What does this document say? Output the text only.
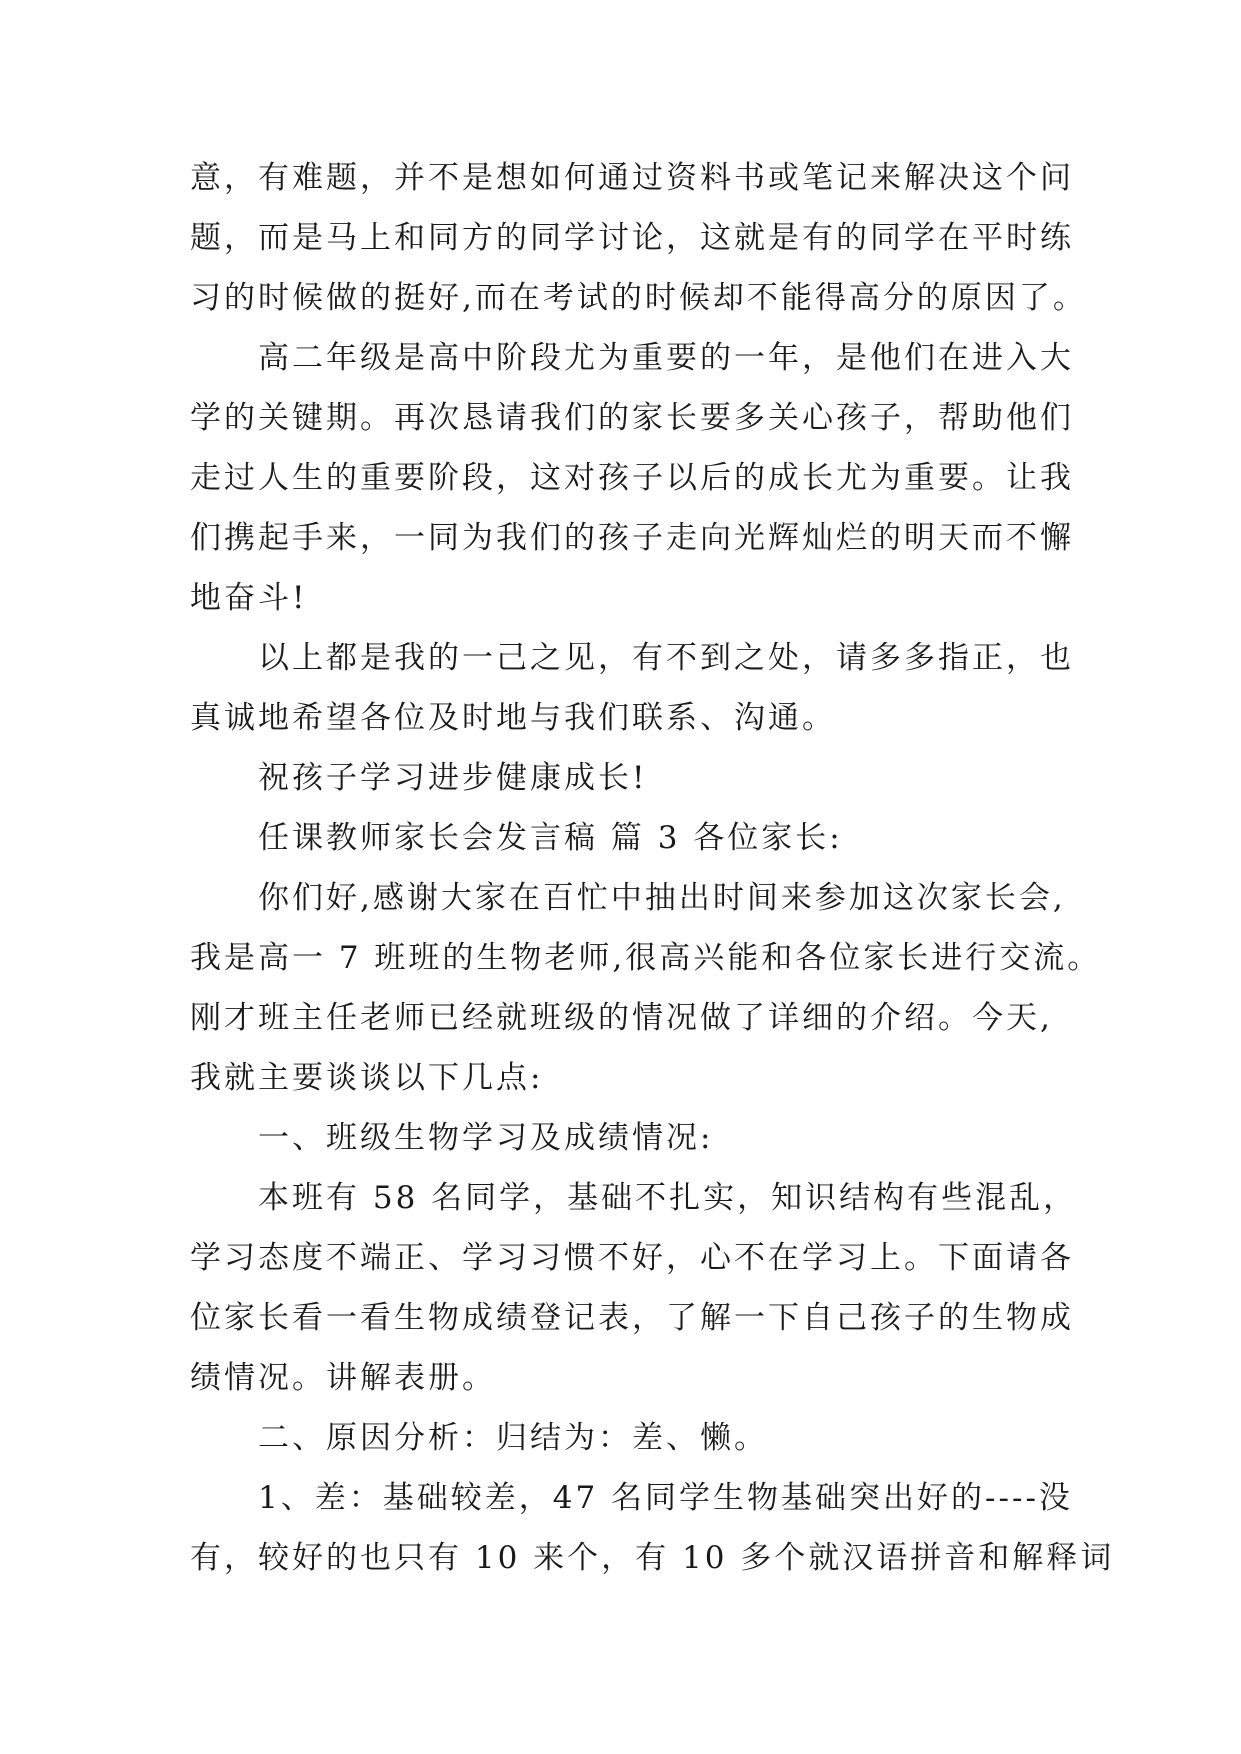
意，有难题，并不是想如何通过资料书或笔记来解决这个问
题，而是马上和同方的同学讨论，这就是有的同学在平时练
习的时候做的挺好,而在考试的时候却不能得高分的原因了。
高二年级是高中阶段尤为重要的一年，是他们在进入大
学的关键期。再次恳请我们的家长要多关心孩子，帮助他们
走过人生的重要阶段，这对孩子以后的成长尤为重要。让我
们携起手来，一同为我们的孩子走向光辉灿烂的明天而不懈
地奋斗!
以上都是我的一己之见，有不到之处，请多多指正，也
真诚地希望各位及时地与我们联系、沟通。
祝孩子学习进步健康成长!
任课教师家长会发言稿 篇 3 各位家长:
你们好,感谢大家在百忙中抽出时间来参加这次家长会,
我是高一 7 班班的生物老师,很高兴能和各位家长进行交流。
刚才班主任老师已经就班级的情况做了详细的介绍。今天,
我就主要谈谈以下几点:
一、班级生物学习及成绩情况:
本班有 58 名同学，基础不扎实，知识结构有些混乱，
学习态度不端正、学习习惯不好，心不在学习上。下面请各
位家长看一看生物成绩登记表，了解一下自己孩子的生物成
绩情况。讲解表册。
二、原因分析：归结为：差、懒。
1、差：基础较差，47 名同学生物基础突出好的----没
有，较好的也只有 10 来个，有 10 多个就汉语拼音和解释词
